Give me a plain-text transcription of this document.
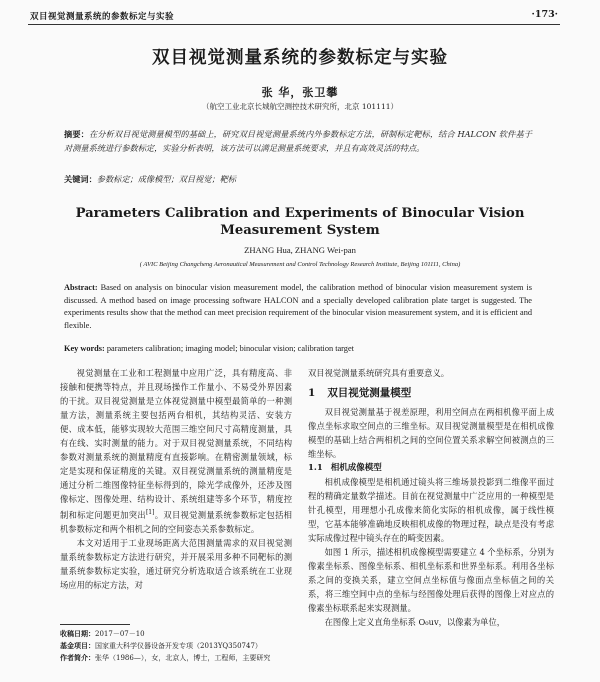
双目视觉测量系统的参数标定与实验	·173·
双目视觉测量系统的参数标定与实验
张 华，张卫攀
（航空工业北京长城航空测控技术研究所，北京 101111）
摘要：在分析双目视觉测量模型的基础上，研究双目视觉测量系统内外参数标定方法，研制标定靶标，结合 HALCON 软件基于对测量系统进行参数标定，实验分析表明，该方法可以满足测量系统要求，并且有高效灵活的特点。
关键词：参数标定；成像模型；双目视觉；靶标
Parameters Calibration and Experiments of Binocular Vision Measurement System
ZHANG Hua, ZHANG Wei-pan
( AVIC Beijing Changcheng Aeronautical Measurement and Control Technology Research Institute, Beijing 101111, China)
Abstract: Based on analysis on binocular vision measurement model, the calibration method of binocular vision measurement system is discussed. A method based on image processing software HALCON and a specially developed calibration plate target is suggested. The experiments results show that the method can meet precision requirement of the binocular vision measurement system, and it is efficient and flexible.
Key words: parameters calibration; imaging model; binocular vision; calibration target

视觉测量在工业和工程测量中应用广泛，具有精度高、非接触和便携等特点，并且现场操作工作量小、不易受外界因素的干扰。双目视觉测量是立体视觉测量中模型最简单的一种测量方法，测量系统主要包括两台相机，其结构灵活、安装方便、成本低，能够实现较大范围三维空间尺寸高精度测量，具有在线、实时测量的能力。对于双目视觉测量系统，不同结构参数对测量系统的测量精度有直接影响。在精密测量领域，标定是实现和保证精度的关键。双目视觉测量系统的测量精度是通过分析二维图像特征坐标得到的，除光学成像外，还涉及图像标定、图像处理、结构设计、系统组建等多个环节，精度控制和标定问题更加突出[1]。双目视觉测量系统参数标定包括相机参数标定和两个相机之间的空间姿态关系参数标定。

本文对适用于工业现场距离大范围测量需求的双目视觉测量系统参数标定方法进行研究，并开展采用多种不同靶标的测量系统参数标定实验，通过研究分析选取适合该系统在工业现场应用的标定方法，对

双目视觉测量系统研究具有重要意义。

1 双目视觉测量模型

双目视觉测量基于视差原理，利用空间点在两相机像平面上成像点坐标求取空间点的三维坐标。双目视觉测量模型是在相机成像模型的基础上结合两相机之间的空间位置关系求解空间被测点的三维坐标。

1.1 相机成像模型

相机成像模型是相机通过镜头将三维场景投影到二维像平面过程的精确定量数学描述。目前在视觉测量中广泛应用的一种模型是针孔模型，用理想小孔成像来简化实际的相机成像，属于线性模型，它基本能够准确地反映相机成像的物理过程，缺点是没有考虑实际成像过程中镜头存在的畸变因素。

如图 1 所示，描述相机成像模型需要建立 4 个坐标系，分别为像素坐标系、图像坐标系、相机坐标系和世界坐标系。利用各坐标系之间的变换关系，建立空间点坐标值与像面点坐标值之间的关系，将三维空间中点的坐标与经图像处理后获得的图像上对应点的像素坐标联系起来实现测量。

在图像上定义直角坐标系 O₀uv，以像素为单位，

收稿日期：2017－07－10
基金项目：国家重大科学仪器设备开发专项（2013YQ350747）
作者简介：张华（1986—），女，北京人，博士，工程师，主要研究
